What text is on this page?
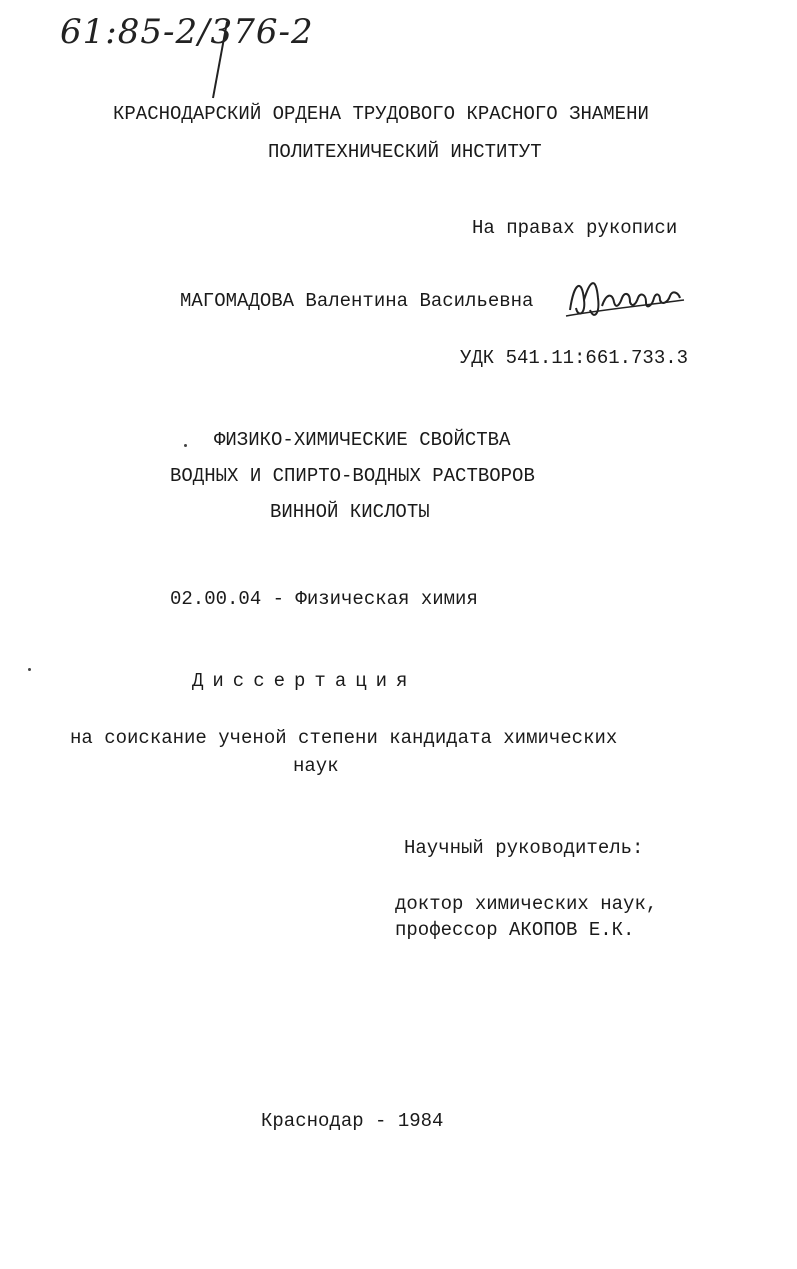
61:85-2/376-2
КРАСНОДАРСКИЙ ОРДЕНА ТРУДОВОГО КРАСНОГО ЗНАМЕНИ
ПОЛИТЕХНИЧЕСКИЙ ИНСТИТУТ
На правах рукописи
МАГОМАДОВА Валентина Васильевна
УДК 541.11:661.733.3
ФИЗИКО-ХИМИЧЕСКИЕ СВОЙСТВА
ВОДНЫХ И СПИРТО-ВОДНЫХ РАСТВОРОВ
ВИННОЙ КИСЛОТЫ
02.00.04 - Физическая химия
Диссертация
на соискание ученой степени кандидата химических
наук
Научный руководитель:
доктор химических наук,
профессор АКОПОВ Е.К.
Краснодар - 1984
